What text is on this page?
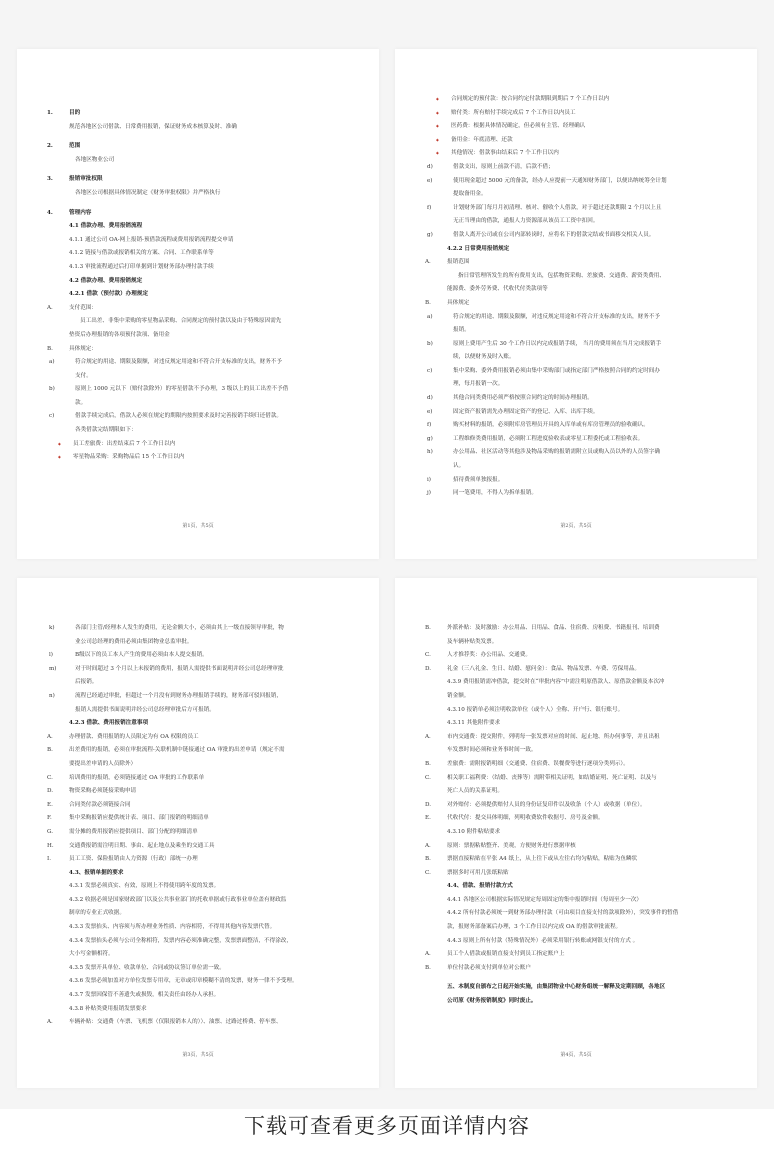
1.	目的
规范各地区公司借款、日常费用报销，保证财务成本核算及时、准确
2.	范围
各地区物业公司
3.	报销审批权限
各地区公司根据具体情况制定《财务审批权限》并严格执行
4.	管理内容
4.1 借款办理、费用报销流程
4.1.1 通过公司 OA-网上报销-预借款流程或费用报销流程提交申请
4.1.2 链接与借款或报销相关的方案、合同、工作联系单等
4.1.3 审批流程通过后打印单据到计划财务部办理付款手续
4.2 借款办理、费用报销规定
4.2.1 借款（预付款）办理规定
A.	支付范围：
员工出差、非集中采购的零星物品采购、合同规定的预付款以及由于特殊原因需先
垫资后办理报销的各项预付款项、备用金
B.	具体规定：
a)	符合规定的用途、期限及限额，对违反规定用途和不符合开支标准的支出，财务不予
支付。
b)	原则上 1000 元以下（赔付款除外）的零星借款不予办理，3 级以上的员工出差不予借
款。
c)	借款手续完成后，借款人必须在规定的期限内按照要求及时完善报销手续归还借款。
各类借款完结期限如下：
➧ 员工差旅费：出差结束后 7 个工作日以内
➧ 零星物品采购：采购物品后 15 个工作日以内
第1页，共5页
➧ 合同规定的预付款：按合同约定付款期限到期后 7 个工作日以内
➧ 赔付类：所有赔付手续完成后 7 个工作日以内员工
➧ 医药费：根据具体情况确定，但必须有主管、经理确认
➧ 备用金：年底清理、还款
➧ 其他情况：借款事由结束后 7 个工作日以内
d)	借款支出，原则上前款不清，后款不借；
e)	使用现金超过 5000 元的备款，经办人应提前一天通知财务部门，以便出纳统筹全计划
提取备用金。
f)	计划财务部门每月月初清理、核对、催收个人借款，对于超过还款期限 2 个月以上且
无正当理由的借款，通报人力资源部从该员工工资中扣回。
g)	借款人离开公司或在公司内部转岗时，应将名下的借款完结或书面移交相关人员。
4.2.2 日常费用报销规定
A.	报销范围
指日常管理所发生的所有费用支出，包括物资采购、差旅费、交通费、薪资类费用、
能源费、委外劳务费、代收代付类款项等
B.	具体规定
a)	符合规定的用途、期限及限额，对违反规定用途和不符合开支标准的支出，财务不予
报销。
b)	原则上费用产生后 30 个工作日以内完成报销手续， 当月的费用须在当月完成报销手
续，以便财务及时入账。
c)	集中采购、委外费用报销必须由集中采购部门或指定部门严格按照合同的约定时间办
理，每月报销一次。
d)	其他合同类费用必须严格按照合同约定的时间办理报销。
e)	固定资产报销需先办理固定资产的登记、入库、出库手续。
f)	购买材料的报销，必须附库房管理员开具的入库单或有库房管理员的验收确认。
g)	工程维修类费用报销，必须附工程进度验收表或零星工程委托或工程验收表。
h)	办公用品、社区活动等其他涉及物品采购的报销需附立员或购入员以外的人员签字确
认。
i)	招待费须单独报报。
j)	同一笔费用，不得人为拆单报销。
第2页，共5页
k)	各部门主管/经理本人发生的费用，无论金额大小，必须由其上一级直接领导审批，物
业公司总经理的费用必须由集团物业总监审批。
l)	B级以下的员工本人产生的费用必须由本人提交报销。
m)	对于时间超过 3 个月以上未报销的费用，报销人需提供书面说明并经公司总经理审批
后报销。
n)	流程已经通过审批，但超过一个月没有到财务办理报销手续的，财务部可驳回报销，
报销人需提供书面说明并经公司总经理审批后方可报销。
4.2.3 借款、费用报销注意事项
A.	办理借款、费用报销的人员限定为有 OA 权限的员工
B.	出差费用的报销，必须在审批流程-关联机制中链接通过 OA 审批的出差申请（规定不需
要提出差申请的人员除外）
C.	培训费用的报销，必须链接通过 OA 审批的工作联系单
D.	物资采购必须链接采购申请
E.	合同类付款必须链接合同
F.	集中采购报销应提供统计表、项目、部门报销的明细清单
G.	需分摊的费用报销应提供项目、部门分配的明细清单
H.	交通费报销需注明日期、事由、起止地点及乘坐的交通工具
I.	员工工资、保险报销由人力资源（行政）部统一办理
4.3、报销单据的要求
4.3.1 发票必须真实、有效，原则上不得使用跨年度的发票。
4.3.2 收据必须是国家财政部门以及公共事业部门的托收单据或行政事业单位盖有财政监
制章的专业正式收据。
4.3.3 发票抬头、内容须与所办理业务性质、内容相符，不得用其他内容发票代替。
4.3.4 发票抬头必须与公司全称相符，发票内容必须准确完整，发票票面整洁，不得涂改，
大小写金额相符。
4.3.5 发票开具单位、收款单位、合同或协议签订单位需一致。
4.3.6 发票必须加盖对方单位发票专用章，无章或印章模糊不清的发票，财务一律不予受理。
4.3.7 发票因保管不善遗失或损毁，相关责任由经办人承担。
4.3.8 补贴类费用报销发票要求
A.	车辆补贴：交通费（车票、飞机票（仅限报销本人的））、油票、过路过桥费、停车票、
第3页，共5页
B.	外派补贴：及时激励：办公用品、日用品、食品、住宿费、房租费、书籍报刊、培训费
及车辆补贴类发票。
C.	人才推荐奖：办公用品、交通费。
D.	礼金（三八礼金、生日、结婚、慰问金）：食品、物品发票、车费、劳保用品。
4.3.9 费用报销需冲借款，提交时在“审批内容”中需注明原借款人、原借款金额及本次冲
销金额。
4.3.10 报销单必须注明收款单位（或个人）全称、开户行、银行账号。
4.3.11 其他附件要求
A.	市内交通费：提交附件，列明每一张发票对应的时间、起止地、所办何事等，并且出租
车发票时间必须和业务事时间一致。
B.	差旅费：需附报销明细（交通费、住宿费、误餐费等进行逐项分类列示）。
C.	相关职工福利费：（结婚、丧葬等）需附带相关证明，如结婚证明、死亡证明、以及与
死亡人员的关系证明。
D.	对外赔付：必须提供赔付人员的身份证复印件以及收条（个人）或收据（单位）。
E.	代收代付：提交具体明细，列明收费软件收据号、房号及金额。
4.3.10 附件粘贴要求
A.	原则：票据粘贴整齐、美观，方便财务进行票据审核
B.	票据直接粘贴在平张 A4 纸上，从上往下或从左往右均匀粘贴，粘贴为鱼鳞状
C.	票据多时可用几张纸粘贴
4.4、借款、报销付款方式
4.4.1 各地区公司根据实际情况规定每周固定的集中报销时间（每周至少一次）
4.4.2 所有付款必须统一到财务部办理付款（可由项目直接支付的款项除外），突发事件的暂借
款，报财务部备案后办理，3 个工作日以内完成 OA 的借款审批流程。
4.4.3 原则上所有付款（特殊情况外）必须采用银行转账或网银支付的方式 。
A.	员工个人借款或报销直接支付到员工指定账户上
B.	单位付款必须支付到单位对公账户
五、本制度自颁布之日起开始实施，由集团物业中心财务组统一解释及定期回顾，各地区
公司原《财务报销制度》同时废止。
第4页，共5页
下载可查看更多页面详情内容
